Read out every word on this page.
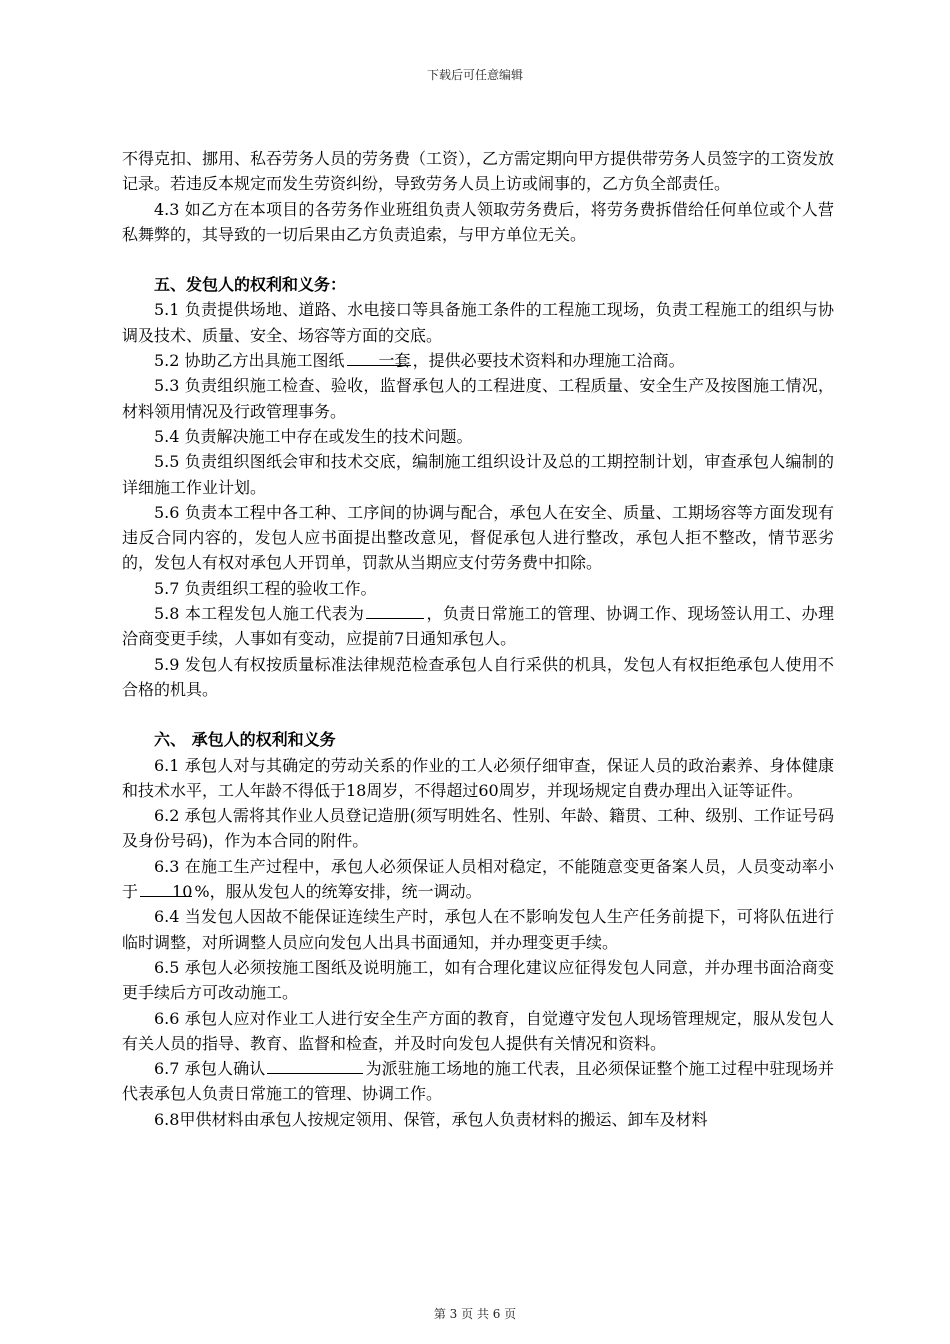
下载后可任意编辑

不得克扣、挪用、私吞劳务人员的劳务费（工资），乙方需定期向甲方提供带劳务人员签字的工资发放记录。若违反本规定而发生劳资纠纷，导致劳务人员上访或闹事的，乙方负全部责任。

4.3 如乙方在本项目的各劳务作业班组负责人领取劳务费后，将劳务费拆借给任何单位或个人营私舞弊的，其导致的一切后果由乙方负责追索，与甲方单位无关。

五、发包人的权利和义务：

5.1 负责提供场地、道路、水电接口等具备施工条件的工程施工现场，负责工程施工的组织与协调及技术、质量、安全、场容等方面的交底。

5.2 协助乙方出具施工图纸 一套 ，提供必要技术资料和办理施工洽商。

5.3 负责组织施工检查、验收，监督承包人的工程进度、工程质量、安全生产及按图施工情况，材料领用情况及行政管理事务。

5.4 负责解决施工中存在或发生的技术问题。

5.5 负责组织图纸会审和技术交底，编制施工组织设计及总的工期控制计划，审查承包人编制的详细施工作业计划。

5.6 负责本工程中各工种、工序间的协调与配合，承包人在安全、质量、工期场容等方面发现有违反合同内容的，发包人应书面提出整改意见，督促承包人进行整改，承包人拒不整改，情节恶劣的，发包人有权对承包人开罚单，罚款从当期应支付劳务费中扣除。

5.7 负责组织工程的验收工作。

5.8 本工程发包人施工代表为	，负责日常施工的管理、协调工作、现场签认用工、办理洽商变更手续，人事如有变动，应提前7日通知承包人。

5.9 发包人有权按质量标准法律规范检查承包人自行采供的机具，发包人有权拒绝承包人使用不合格的机具。

六、 承包人的权利和义务

6.1 承包人对与其确定的劳动关系的作业的工人必须仔细审查，保证人员的政治素养、身体健康和技术水平，工人年龄不得低于18周岁，不得超过60周岁，并现场规定自费办理出入证等证件。

6.2 承包人需将其作业人员登记造册(须写明姓名、性别、年龄、籍贯、工种、级别、工作证号码及身份号码)，作为本合同的附件。

6.3 在施工生产过程中，承包人必须保证人员相对稳定，不能随意变更备案人员，人员变动率小于10%，服从发包人的统筹安排，统一调动。

6.4 当发包人因故不能保证连续生产时，承包人在不影响发包人生产任务前提下，可将队伍进行临时调整，对所调整人员应向发包人出具书面通知，并办理变更手续。

6.5 承包人必须按施工图纸及说明施工，如有合理化建议应征得发包人同意，并办理书面洽商变更手续后方可改动施工。

6.6 承包人应对作业工人进行安全生产方面的教育，自觉遵守发包人现场管理规定，服从发包人有关人员的指导、教育、监督和检查，并及时向发包人提供有关情况和资料。

6.7 承包人确认	为派驻施工场地的施工代表，且必须保证整个施工过程中驻现场并代表承包人负责日常施工的管理、协调工作。

6.8甲供材料由承包人按规定领用、保管，承包人负责材料的搬运、卸车及材料

第 3 页 共 6 页
